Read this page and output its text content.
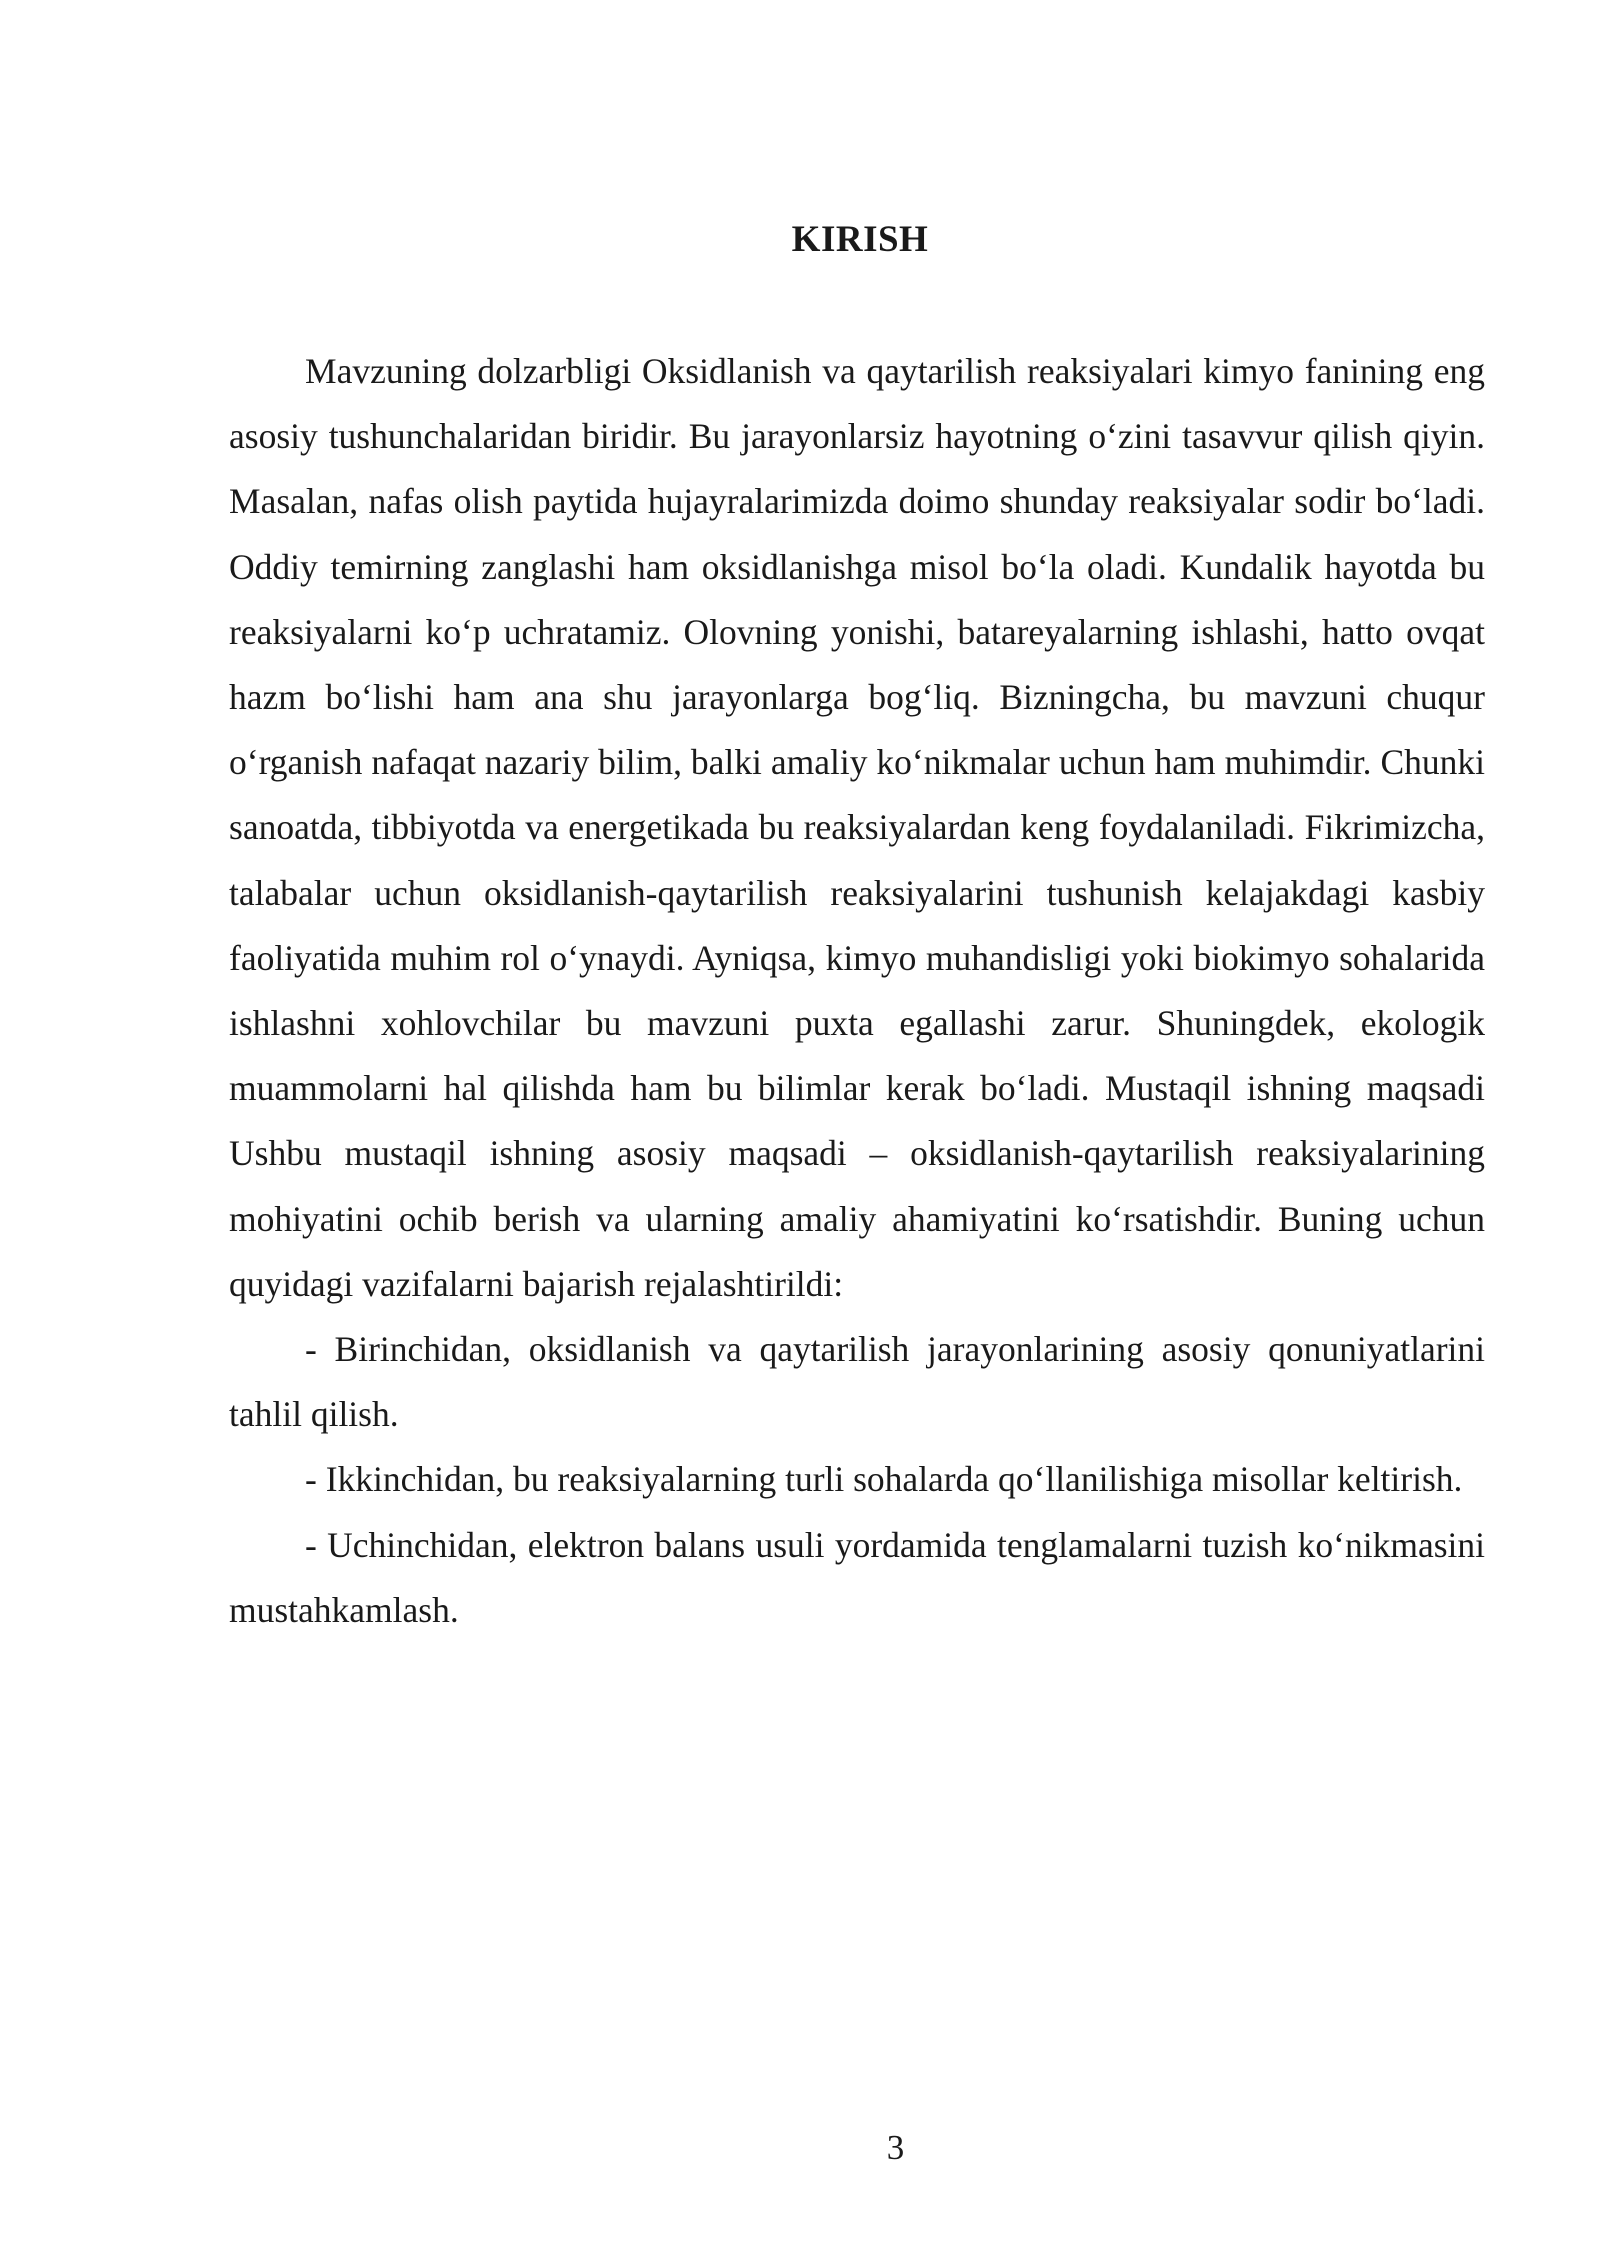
KIRISH

Mavzuning dolzarbligi Oksidlanish va qaytarilish reaksiyalari kimyo fanining eng asosiy tushunchalaridan biridir. Bu jarayonlarsiz hayotning o‘zini tasavvur qilish qiyin. Masalan, nafas olish paytida hujayralarimizda doimo shunday reaksiyalar sodir bo‘ladi. Oddiy temirning zanglashi ham oksidlanishga misol bo‘la oladi. Kundalik hayotda bu reaksiyalarni ko‘p uchratamiz. Olovning yonishi, batareyalarning ishlashi, hatto ovqat hazm bo‘lishi ham ana shu jarayonlarga bog‘liq. Bizningcha, bu mavzuni chuqur o‘rganish nafaqat nazariy bilim, balki amaliy ko‘nikmalar uchun ham muhimdir. Chunki sanoatda, tibbiyotda va energetikada bu reaksiyalardan keng foydalaniladi. Fikrimizcha, talabalar uchun oksidlanish-qaytarilish reaksiyalarini tushunish kelajakdagi kasbiy faoliyatida muhim rol o‘ynaydi. Ayniqsa, kimyo muhandisligi yoki biokimyo sohalarida ishlashni xohlovchilar bu mavzuni puxta egallashi zarur. Shuningdek, ekologik muammolarni hal qilishda ham bu bilimlar kerak bo‘ladi. Mustaqil ishning maqsadi Ushbu mustaqil ishning asosiy maqsadi – oksidlanish-qaytarilish reaksiyalarining mohiyatini ochib berish va ularning amaliy ahamiyatini ko‘rsatishdir. Buning uchun quyidagi vazifalarni bajarish rejalashtirildi:

- Birinchidan, oksidlanish va qaytarilish jarayonlarining asosiy qonuniyatlarini tahlil qilish.

- Ikkinchidan, bu reaksiyalarning turli sohalarda qo‘llanilishiga misollar keltirish.

- Uchinchidan, elektron balans usuli yordamida tenglamalarni tuzish ko‘nikmasini mustahkamlash.

3
